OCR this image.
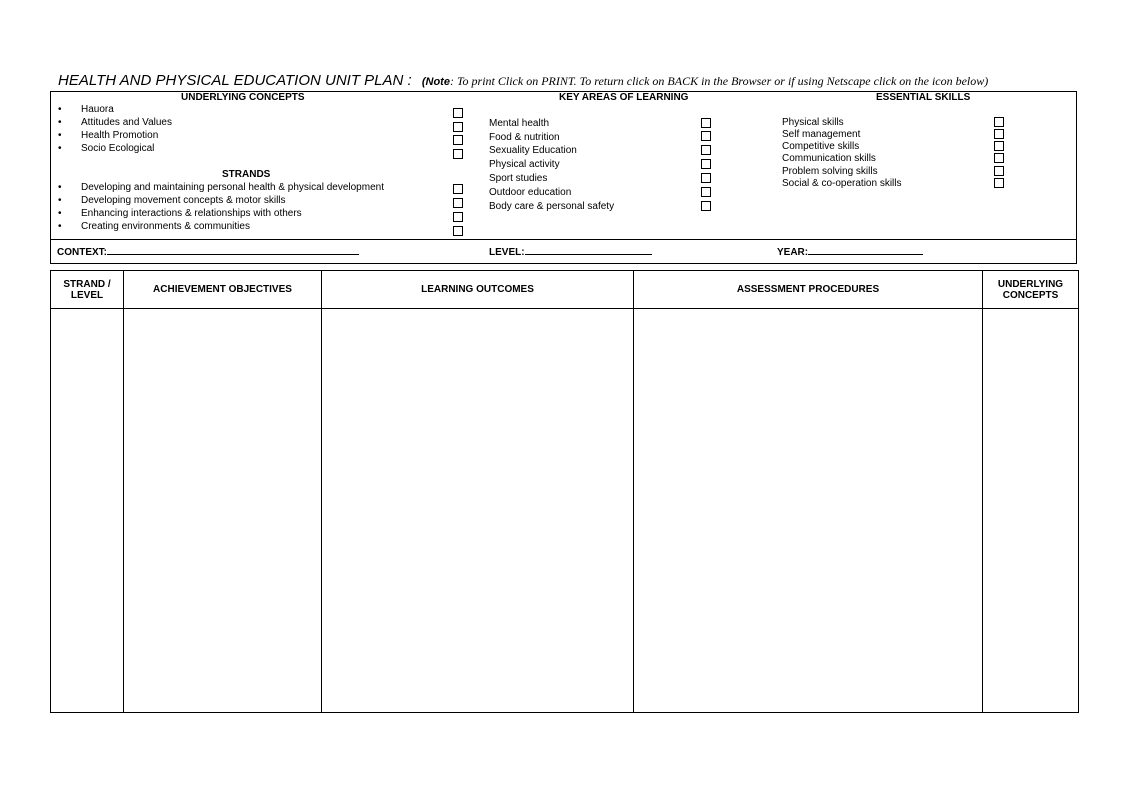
HEALTH AND PHYSICAL EDUCATION UNIT PLAN : (Note: To print Click on PRINT. To return click on BACK in the Browser or if using Netscape click on the icon below)
UNDERLYING CONCEPTS
• Hauora
• Attitudes and Values
• Health Promotion
• Socio Ecological
STRANDS
• Developing and maintaining personal health & physical development
• Developing movement concepts & motor skills
• Enhancing interactions & relationships with others
• Creating environments & communities
KEY AREAS OF LEARNING
Mental health
Food & nutrition
Sexuality Education
Physical activity
Sport studies
Outdoor education
Body care & personal safety
ESSENTIAL SKILLS
Physical skills
Self management
Competitive skills
Communication skills
Problem solving skills
Social & co-operation skills
CONTEXT:	LEVEL:	YEAR:
STRAND / LEVEL	ACHIEVEMENT OBJECTIVES	LEARNING OUTCOMES	ASSESSMENT PROCEDURES	UNDERLYING CONCEPTS
